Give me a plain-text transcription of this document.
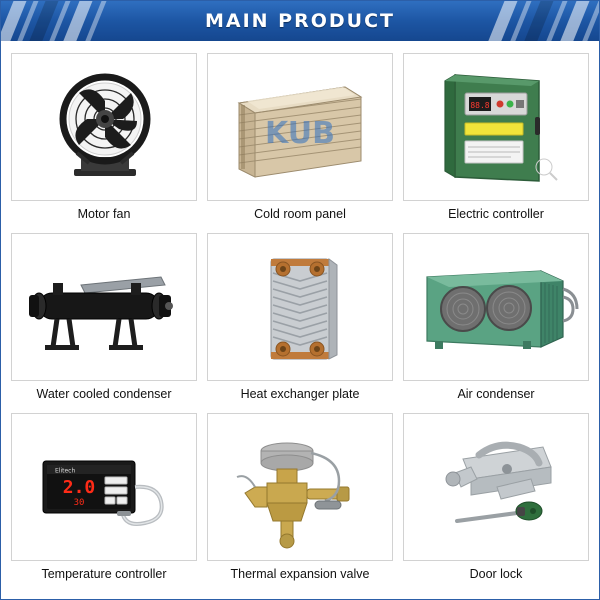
MAIN PRODUCT
Motor fan
KUB
Cold room panel
88.8
Electric controller
Water cooled condenser	Heat exchanger plate	Air condenser
Elitech
2.0
30
Temperature controller	Thermal expansion valve	Door lock
